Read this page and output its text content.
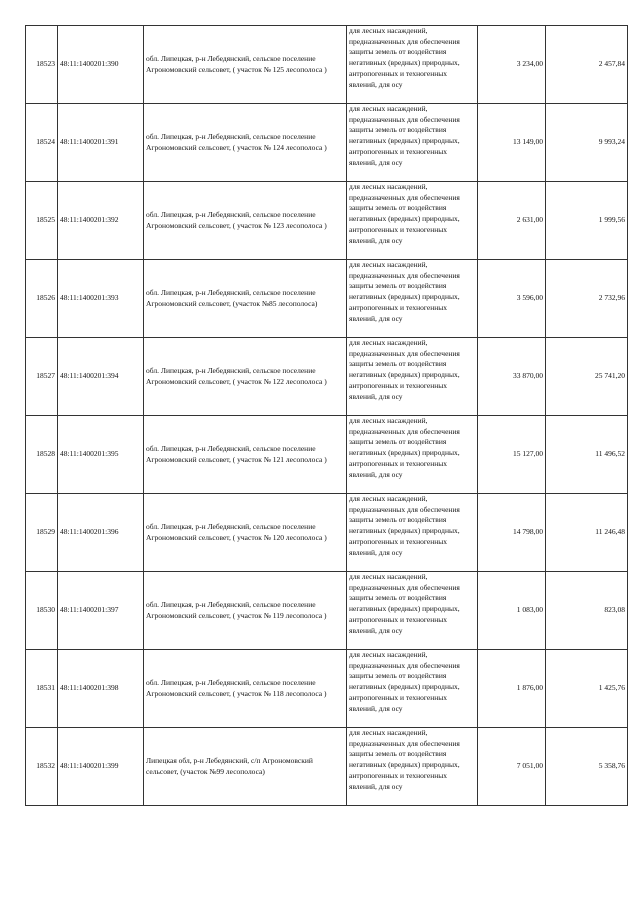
18523	48:11:1400201:390	обл. Липецкая, р-н Лебедянский, сельское поселение Агрономовский сельсовет, ( участок № 125 лесополоса )	для лесных насаждений, предназначенных для обеспечения защиты земель от воздействия негативных (вредных) природных, антропогенных и техногенных явлений, для осу	3 234,00	2 457,84
18524	48:11:1400201:391	обл. Липецкая, р-н Лебедянский, сельское поселение Агрономовский сельсовет, ( участок № 124 лесополоса )	для лесных насаждений, предназначенных для обеспечения защиты земель от воздействия негативных (вредных) природных, антропогенных и техногенных явлений, для осу	13 149,00	9 993,24
18525	48:11:1400201:392	обл. Липецкая, р-н Лебедянский, сельское поселение Агрономовский сельсовет, ( участок № 123 лесополоса )	для лесных насаждений, предназначенных для обеспечения защиты земель от воздействия негативных (вредных) природных, антропогенных и техногенных явлений, для осу	2 631,00	1 999,56
18526	48:11:1400201:393	обл. Липецкая, р-н Лебедянский, сельское поселение Агрономовский сельсовет, (участок №85 лесополоса)	для лесных насаждений, предназначенных для обеспечения защиты земель от воздействия негативных (вредных) природных, антропогенных и техногенных явлений, для осу	3 596,00	2 732,96
18527	48:11:1400201:394	обл. Липецкая, р-н Лебедянский, сельское поселение Агрономовский сельсовет, ( участок № 122 лесополоса )	для лесных насаждений, предназначенных для обеспечения защиты земель от воздействия негативных (вредных) природных, антропогенных и техногенных явлений, для осу	33 870,00	25 741,20
18528	48:11:1400201:395	обл. Липецкая, р-н Лебедянский, сельское поселение Агрономовский сельсовет, ( участок № 121 лесополоса )	для лесных насаждений, предназначенных для обеспечения защиты земель от воздействия негативных (вредных) природных, антропогенных и техногенных явлений, для осу	15 127,00	11 496,52
18529	48:11:1400201:396	обл. Липецкая, р-н Лебедянский, сельское поселение Агрономовский сельсовет, ( участок № 120 лесополоса )	для лесных насаждений, предназначенных для обеспечения защиты земель от воздействия негативных (вредных) природных, антропогенных и техногенных явлений, для осу	14 798,00	11 246,48
18530	48:11:1400201:397	обл. Липецкая, р-н Лебедянский, сельское поселение Агрономовский сельсовет, ( участок № 119 лесополоса )	для лесных насаждений, предназначенных для обеспечения защиты земель от воздействия негативных (вредных) природных, антропогенных и техногенных явлений, для осу	1 083,00	823,08
18531	48:11:1400201:398	обл. Липецкая, р-н Лебедянский, сельское поселение Агрономовский сельсовет, ( участок № 118 лесополоса )	для лесных насаждений, предназначенных для обеспечения защиты земель от воздействия негативных (вредных) природных, антропогенных и техногенных явлений, для осу	1 876,00	1 425,76
18532	48:11:1400201:399	Липецкая обл, р-н Лебедянский, с/п Агрономовский сельсовет, (участок №99 лесополоса)	для лесных насаждений, предназначенных для обеспечения защиты земель от воздействия негативных (вредных) природных, антропогенных и техногенных явлений, для осу	7 051,00	5 358,76
